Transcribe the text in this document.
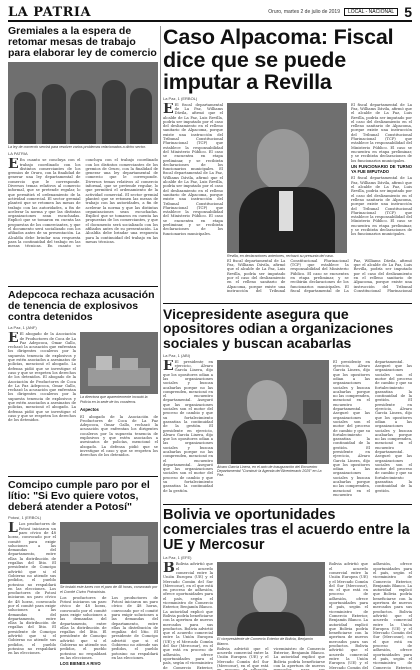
LA PATRIA	Oruro, martes 2 de julio de 2019	LOCAL - NACIONAL 5
Gremiales a la espera de retomar mesas de trabajo para elaborar ley de comercio
La ley de comercio servirá para resolver varios problemas relacionados a dicho sector.
LA PATRIA
E En cuanto se concluya con el trabajo coordinado con los distintos comerciantes de los gremios de Oruro, con la finalidad de generar una ley departamental de comercio que le corresponde. Diversos temas relativos al comercio informal, que se pretende regular, lo que permitirá el ordenamiento de la actividad comercial. El sector gremial planteó que se retomen las mesas de trabajo con las autoridades, a fin de acelerar la norma y que las distintas organizaciones sean escuchadas. Explicó que se tomaron en cuenta las propuestas de los comerciantes, y que el documento será socializado con los afiliados antes de su presentación. La Alcaldía debe brindar una respuesta para la continuidad del trabajo en las mesas técnicas. En cuanto se concluya con el trabajo coordinado con los distintos comerciantes de los gremios de Oruro, con la finalidad de generar una ley departamental de comercio que le corresponde. Diversos temas relativos al comercio informal, que se pretende regular, lo que permitirá el ordenamiento de la actividad comercial. El sector gremial planteó que se retomen las mesas de trabajo con las autoridades, a fin de acelerar la norma y que las distintas organizaciones sean escuchadas. Explicó que se tomaron en cuenta las propuestas de los comerciantes, y que el documento será socializado con los afiliados antes de su presentación. La Alcaldía debe brindar una respuesta para la continuidad del trabajo en las mesas técnicas.
Adepcoca rechaza acusación de tenencia de explosivos contra detenidos
La Paz, 1 (ANF)
E El abogado de la Asociación de Productores de Coca de La Paz Adepcoca, Omar Gallo, rechazó la acusación que enfrentan los dirigentes cocaleros por la supuesta tenencia de explosivos y que estén asociados a asesinatos de policías, mencionó el abogado. La defensa pidió que se investigue el caso y que se respeten los derechos de los detenidos. El abogado de la Asociación de Productores de Coca de La Paz Adepcoca, Omar Gallo, rechazó la acusación que enfrentan los dirigentes cocaleros por la supuesta tenencia de explosivos y que estén asociados a asesinatos de policías, mencionó el abogado. La defensa pidió que se investigue el caso y que se respeten los derechos de los detenidos.
La directora que aparentemente incautó la Policía en la sede de los cocaleros.
Aspectos
El abogado de la Asociación de Productores de Coca de La Paz Adepcoca, Omar Gallo, rechazó la acusación que enfrentan los dirigentes cocaleros por la supuesta tenencia de explosivos y que estén asociados a asesinatos de policías, mencionó el abogado. La defensa pidió que se investigue el caso y que se respeten los derechos de los detenidos.
Comcipo cumple paro por el lítio: "Si Evo quiere votos, deberá atender a Potosí"
Potosí, 1 (ERBOL)
L Los productores de Potosí iniciaron un paro cívico de 48 horas, convocado por el comité para exigir soluciones a las demandas del departamento, entre ellas la distribución de regalías del lítio. El presidente de Comcipo advirtió que si el Gobierno no atiende sus pedidos, el pueblo potosino no respaldará en las elecciones. Los productores de Potosí iniciaron un paro cívico de 48 horas, convocado por el comité para exigir soluciones a las demandas del departamento, entre ellas la distribución de regalías del lítio. El presidente de Comcipo advirtió que si el Gobierno no atiende sus pedidos, el pueblo potosino no respaldará en las elecciones.
Se instaló este lunes con el paro de 48 horas, convocado por el Comité Cívico Potosinista.
Los productores de Potosí iniciaron un paro cívico de 48 horas, convocado por el comité para exigir soluciones a las demandas del departamento, entre ellas la distribución de regalías del lítio. El presidente de Comcipo advirtió que si el Gobierno no atiende sus pedidos, el pueblo potosino no respaldará en las elecciones.
LOS BIENES A RIVO
Los productores de Potosí iniciaron un paro cívico de 48 horas, convocado por el comité para exigir soluciones a las demandas del departamento, entre ellas la distribución de regalías del lítio. El presidente de Comcipo advirtió que si el Gobierno no atiende sus pedidos, el pueblo potosino no respaldará en las elecciones.
Caso Alpacoma: Fiscal dice que se puede imputar a Revilla
La Paz, 1 (ERBOL)
E El fiscal departamental de La Paz, Williams Dávila, afirmó que el alcalde de La Paz, Luis Revilla, podría ser imputado por el caso del deslizamiento en el relleno sanitario de Alpacoma, porque existe una instrucción del Tribunal Constitucional Plurinacional (TCP) que establece la responsabilidad del Ministerio Público. El caso se encuentra en etapa preliminar, y se recibirán declaraciones de los funcionarios municipales. El fiscal departamental de La Paz, Williams Dávila, afirmó que el alcalde de La Paz, Luis Revilla, podría ser imputado por el caso del deslizamiento en el relleno sanitario de Alpacoma, porque existe una instrucción del Tribunal Constitucional Plurinacional (TCP) que establece la responsabilidad del Ministerio Público. El caso se encuentra en etapa preliminar, y se recibirán declaraciones de los funcionarios municipales.
El fiscal departamental de La Paz, Williams Dávila, afirmó que el alcalde de La Paz, Luis Revilla, podría ser imputado por el caso del deslizamiento en el relleno sanitario de Alpacoma, porque existe una instrucción del Tribunal Constitucional Plurinacional (TCP) que establece la responsabilidad del Ministerio Público. El caso se encuentra en etapa preliminar, y se recibirán declaraciones de los funcionarios municipales.
UN FUNCIONARIO DE TURNO YA FUE IMPUTADO
El fiscal departamental de La Paz, Williams Dávila, afirmó que el alcalde de La Paz, Luis Revilla, podría ser imputado por el caso del deslizamiento en el relleno sanitario de Alpacoma, porque existe una instrucción del Tribunal Constitucional Plurinacional (TCP) que establece la responsabilidad del Ministerio Público. El caso se encuentra en etapa preliminar, y se recibirán declaraciones de los funcionarios municipales.
Revilla, en declaraciones anteriores, rechazó su presunta del caso.
El fiscal departamental de La Paz, Williams Dávila, afirmó que el alcalde de La Paz, Luis Revilla, podría ser imputado por el caso del deslizamiento en el relleno sanitario de Alpacoma, porque existe una instrucción del Tribunal Constitucional Plurinacional (TCP) que establece la responsabilidad del Ministerio Público. El caso se encuentra en etapa preliminar, y se recibirán declaraciones de los funcionarios municipales. El fiscal departamental de La Paz, Williams Dávila, afirmó que el alcalde de La Paz, Luis Revilla, podría ser imputado por el caso del deslizamiento en el relleno sanitario de Alpacoma, porque existe una instrucción del Tribunal Constitucional Plurinacional
Vicepresidente asegura que opositores odian a organizaciones sociales y buscan acabarlas
La Paz, 1 (ABI)
E El presidente en ejercicio, Álvaro García Linera, dijo que los opositores odian a las organizaciones sociales y buscan acabarlas porque no las comprenden, mencionó en el encuentro departamental. Aseguró que las organizaciones sociales son el motor del proceso de cambio y que su fortalecimiento garantiza la continuidad de la gestión. El presidente en ejercicio, Álvaro García Linera, dijo que los opositores odian a las organizaciones sociales y buscan acabarlas porque no las comprenden, mencionó en el encuentro departamental. Aseguró que las organizaciones sociales son el motor del proceso de cambio y que su fortalecimiento garantiza la continuidad de la gestión.
Álvaro García Linera, en el acto de inauguración del Encuentro Departamental "Construir la Agenda del Bicentenario 2025" en La Paz.
El presidente en ejercicio, Álvaro García Linera, dijo que los opositores odian a las organizaciones sociales y buscan acabarlas porque no las comprenden, mencionó en el encuentro departamental. Aseguró que las organizaciones sociales son el motor del proceso de cambio y que su fortalecimiento garantiza la continuidad de la gestión.	El presidente en ejercicio, Álvaro García Linera, dijo que los opositores odian a las organizaciones sociales y buscan acabarlas porque no las comprenden, mencionó en el encuentro departamental. Aseguró que las organizaciones sociales son el motor del proceso de cambio y que su fortalecimiento garantiza la continuidad de la gestión.	El presidente en ejercicio, Álvaro García Linera, dijo que los opositores odian a las organizaciones sociales y buscan acabarlas porque no las comprenden, mencionó en el encuentro departamental. Aseguró que las organizaciones sociales son el motor del proceso de cambio y que su fortalecimiento garantiza la continuidad de la gestión.
Bolivia ve oportunidades comerciales tras el acuerdo entre la UE y Mercosur
La Paz, 1 (EFE)
B Bolivia advirtió que el acuerdo comercial entre la Unión Europea (UE) y el Mercado Común del Sur (Mercosur), en el que está en proceso de adhesión, ofrece oportunidades para el país, según el viceministro de Comercio Exterior, Benjamín Blanco. La autoridad explicó que Bolivia podría beneficiarse con la apertura de nuevos mercados para sus productos. Bolivia advirtió que el acuerdo comercial entre la Unión Europea (UE) y el Mercado Común del Sur (Mercosur), en el que está en proceso de adhesión, ofrece oportunidades para el país, según el viceministro de Comercio Exterior,
El vicepresidente de Comercio Exterior de Bolivia, Benjamín Blanco.
Bolivia advirtió que el acuerdo comercial entre la Unión Europea (UE) y el Mercado Común del Sur (Mercosur), en el que está viceministro de Comercio Exterior, Benjamín Blanco. La autoridad explicó que Bolivia podría beneficiarse con la apertura de nuevos
Bolivia advirtió que el acuerdo comercial entre la Unión Europea (UE) y el Mercado Común del Sur (Mercosur), en el que está en proceso de adhesión, ofrece oportunidades para el país, según el viceministro de Comercio Exterior, Benjamín Blanco. La autoridad explicó que Bolivia podría beneficiarse con la apertura de nuevos mercados para sus productos. Bolivia advirtió que el acuerdo comercial entre la Unión Europea (UE) y el Mercado Común del adhesión, ofrece oportunidades para el país, según el viceministro de Comercio Exterior, Benjamín Blanco. La autoridad explicó que Bolivia podría beneficiarse con la apertura de nuevos mercados para sus productos. Bolivia advirtió que el acuerdo comercial entre la Unión Europea (UE) y el Mercado Común del Sur (Mercosur), en el que está en proceso de adhesión, ofrece oportunidades para el país, según el viceministro de Comercio Exterior,
